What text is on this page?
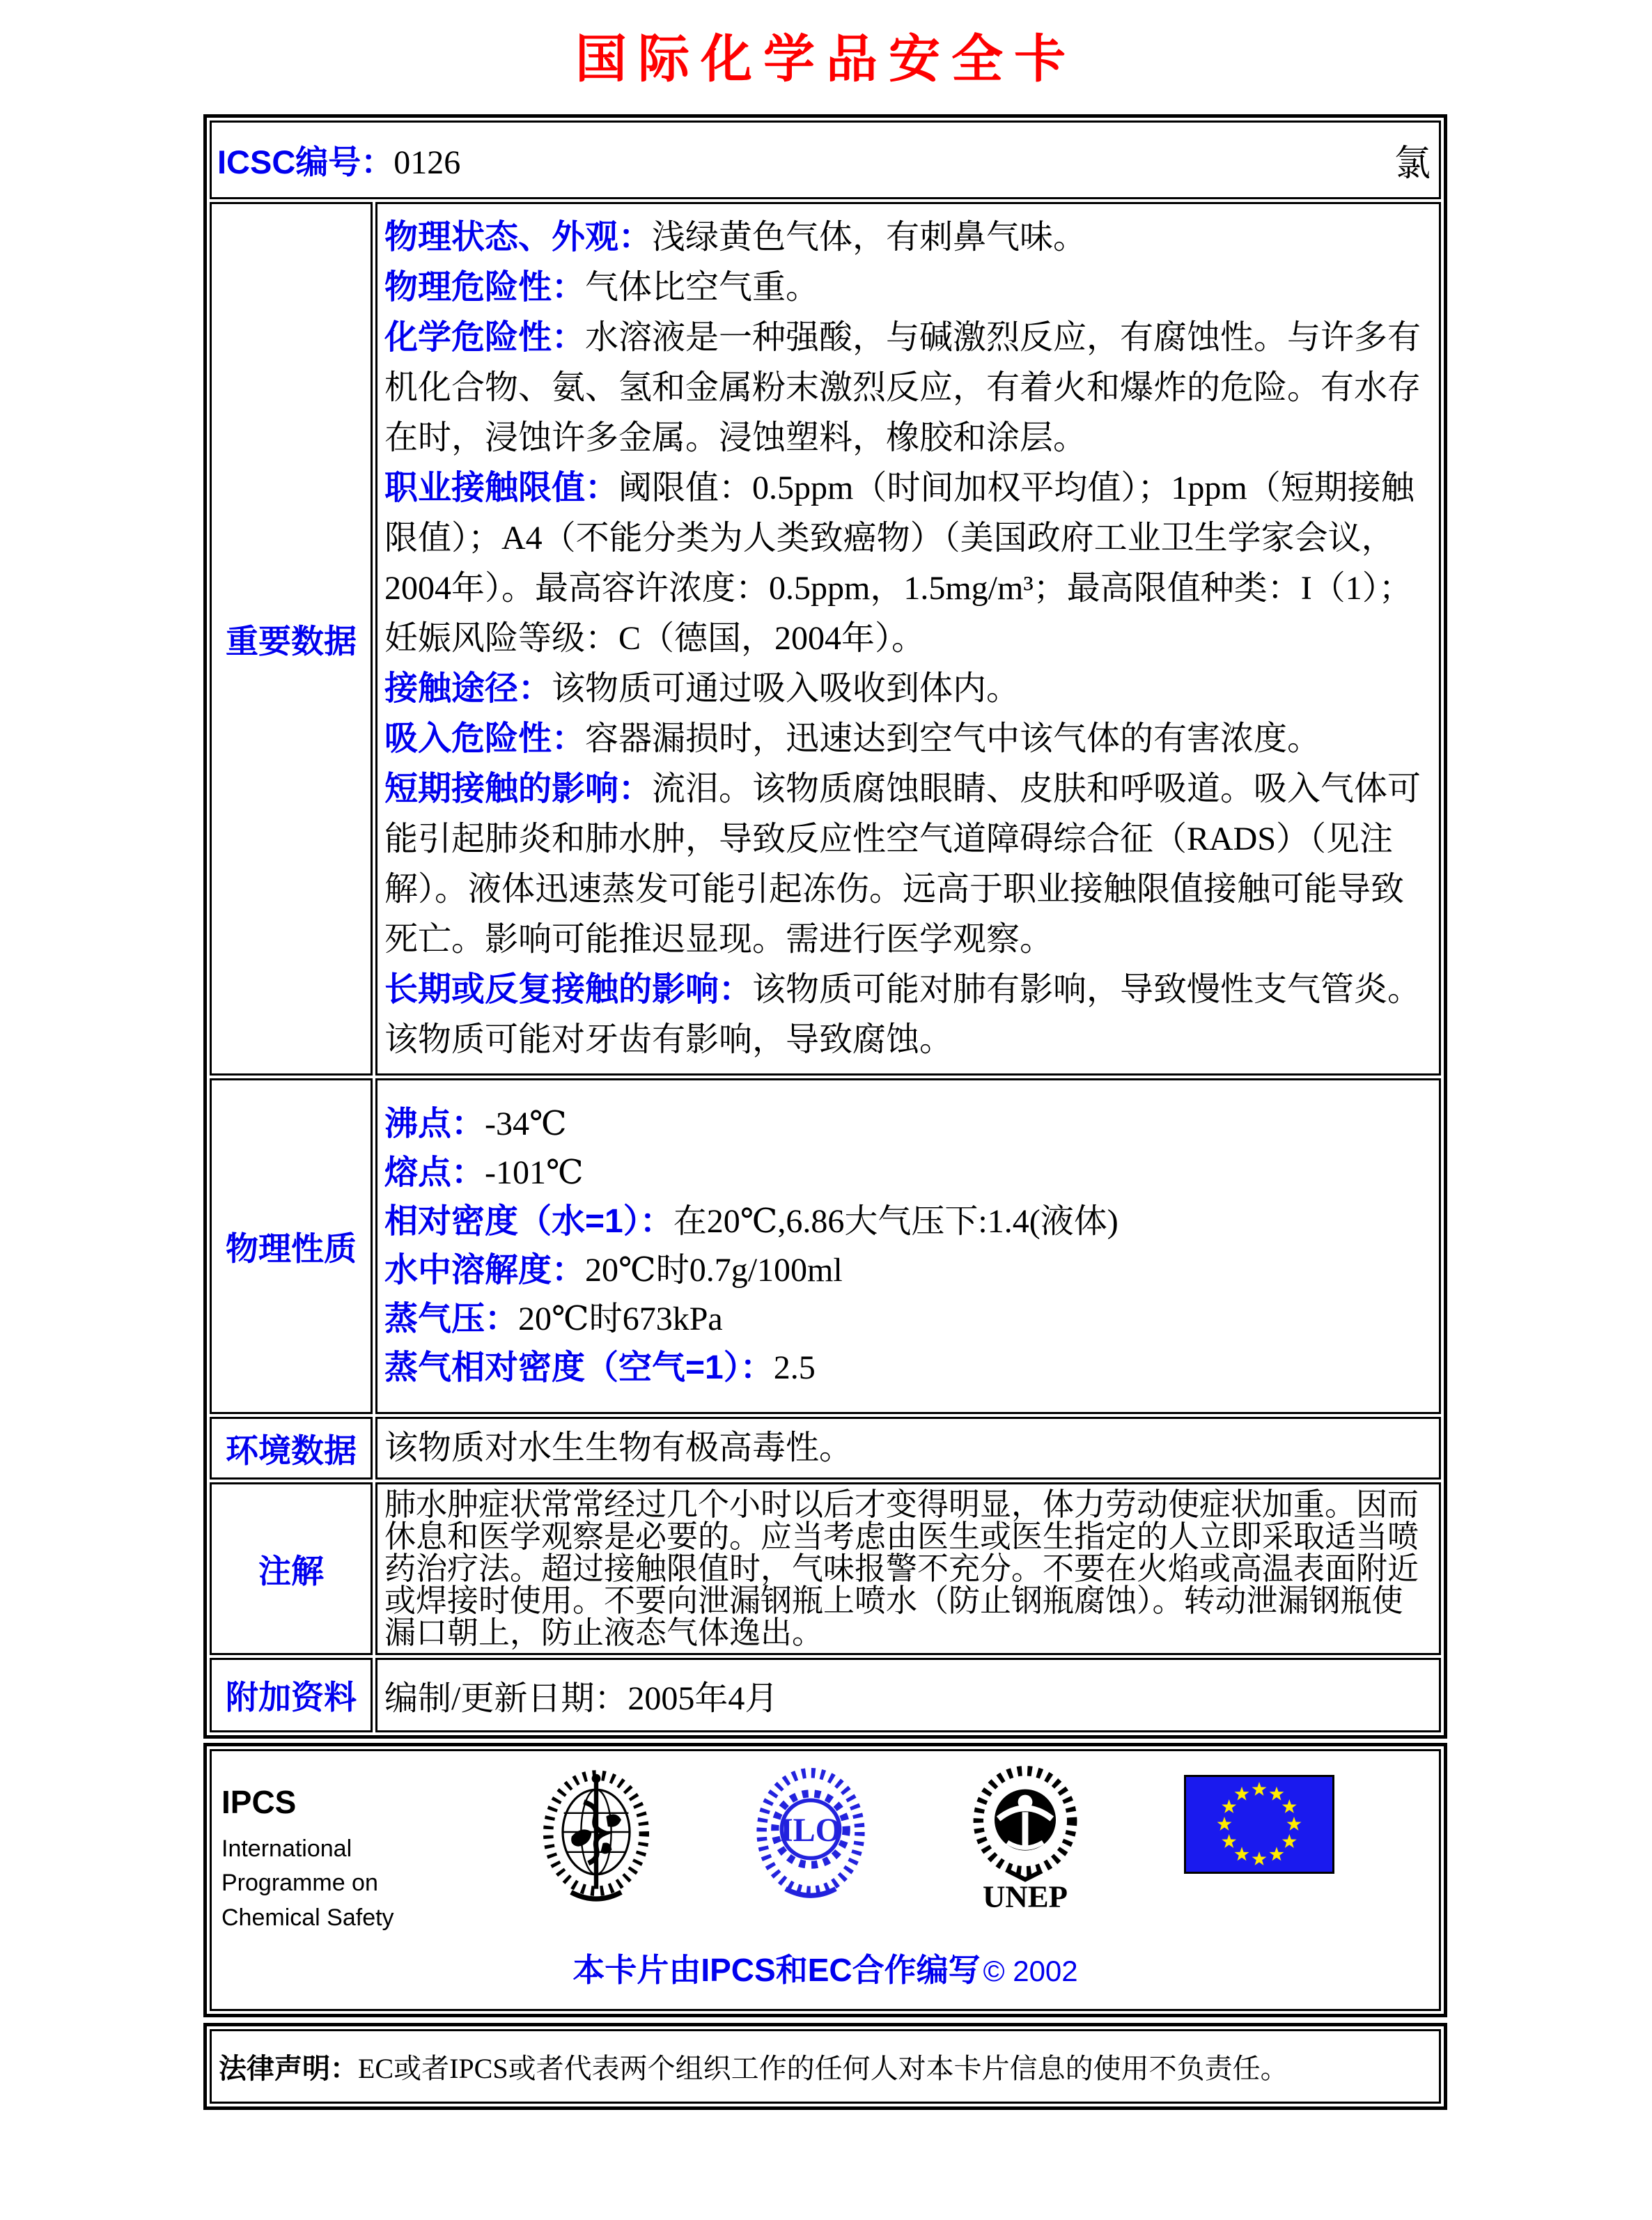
国际化学品安全卡
ICSC编号：0126 氯	

重要数据	
物理状态、外观：浅绿黄色气体，有刺鼻气味。
物理危险性：气体比空气重。
化学危险性：水溶液是一种强酸，与碱激烈反应，有腐蚀性。与许多有机化合物、氨、氢和金属粉末激烈反应，有着火和爆炸的危险。有水存在时，浸蚀许多金属。浸蚀塑料，橡胶和涂层。
职业接触限值：阈限值：0.5ppm（时间加权平均值）；1ppm（短期接触限值）；A4（不能分类为人类致癌物）（美国政府工业卫生学家会议，2004年）。最高容许浓度：0.5ppm，1.5mg/m³；最高限值种类：I（1）；妊娠风险等级：C（德国，2004年）。
接触途径：该物质可通过吸入吸收到体内。
吸入危险性：容器漏损时，迅速达到空气中该气体的有害浓度。
短期接触的影响：流泪。该物质腐蚀眼睛、皮肤和呼吸道。吸入气体可能引起肺炎和肺水肿，导致反应性空气道障碍综合征（RADS）（见注解）。液体迅速蒸发可能引起冻伤。远高于职业接触限值接触可能导致死亡。影响可能推迟显现。需进行医学观察。
长期或反复接触的影响：该物质可能对肺有影响，导致慢性支气管炎。该物质可能对牙齿有影响，导致腐蚀。

物理性质	
沸点：-34℃
熔点：-101℃
相对密度（水=1）：在20℃,6.86大气压下:1.4(液体)
水中溶解度：20℃时0.7g/100ml
蒸气压：20℃时673kPa
蒸气相对密度（空气=1）：2.5

环境数据	该物质对水生生物有极高毒性。
注解	肺水肿症状常常经过几个小时以后才变得明显，体力劳动使症状加重。因而休息和医学观察是必要的。应当考虑由医生或医生指定的人立即采取适当喷药治疗法。超过接触限值时，气味报警不充分。不要在火焰或高温表面附近或焊接时使用。不要向泄漏钢瓶上喷水（防止钢瓶腐蚀）。转动泄漏钢瓶使漏口朝上，防止液态气体逸出。
附加资料	编制/更新日期：2005年4月
IPCS
International
Programme on
Chemical Safety
ILO
UNEP
本卡片由IPCS和EC合作编写 © 2002
法律声明：EC或者IPCS或者代表两个组织工作的任何人对本卡片信息的使用不负责任。
